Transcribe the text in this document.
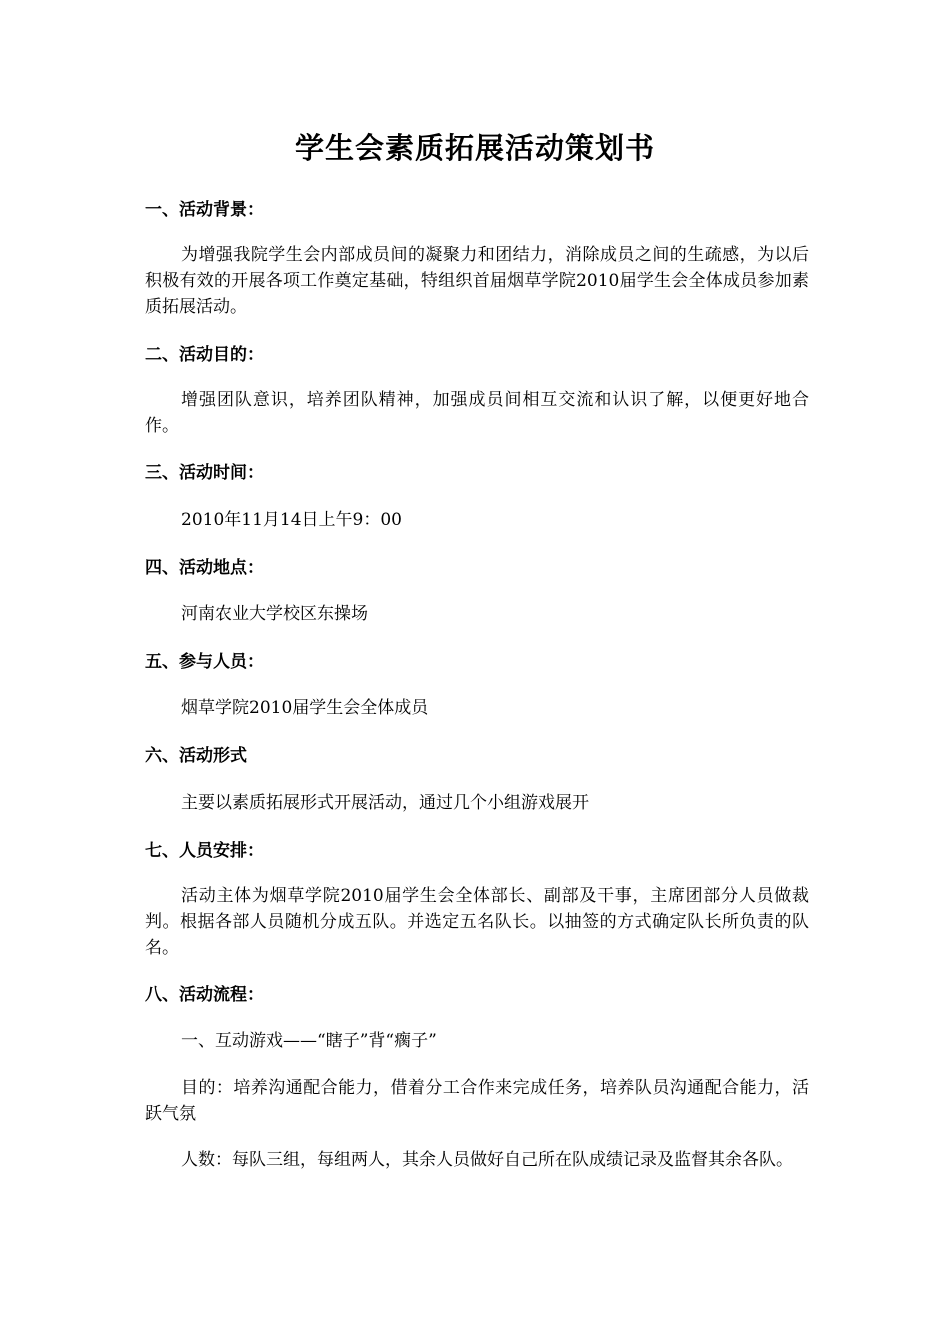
学生会素质拓展活动策划书
一、活动背景：
为增强我院学生会内部成员间的凝聚力和团结力，消除成员之间的生疏感，为以后积极有效的开展各项工作奠定基础，特组织首届烟草学院2010届学生会全体成员参加素质拓展活动。
二、活动目的：
增强团队意识，培养团队精神，加强成员间相互交流和认识了解，以便更好地合作。
三、活动时间：
2010年11月14日上午9：00
四、活动地点：
河南农业大学校区东操场
五、参与人员：
烟草学院2010届学生会全体成员
六、活动形式
主要以素质拓展形式开展活动，通过几个小组游戏展开
七、人员安排：
活动主体为烟草学院2010届学生会全体部长、副部及干事，主席团部分人员做裁判。根据各部人员随机分成五队。并选定五名队长。以抽签的方式确定队长所负责的队名。
八、活动流程：
一、互动游戏——“瞎子”背“瘸子”
目的：培养沟通配合能力，借着分工合作来完成任务，培养队员沟通配合能力，活跃气氛
人数：每队三组，每组两人，其余人员做好自己所在队成绩记录及监督其余各队。
